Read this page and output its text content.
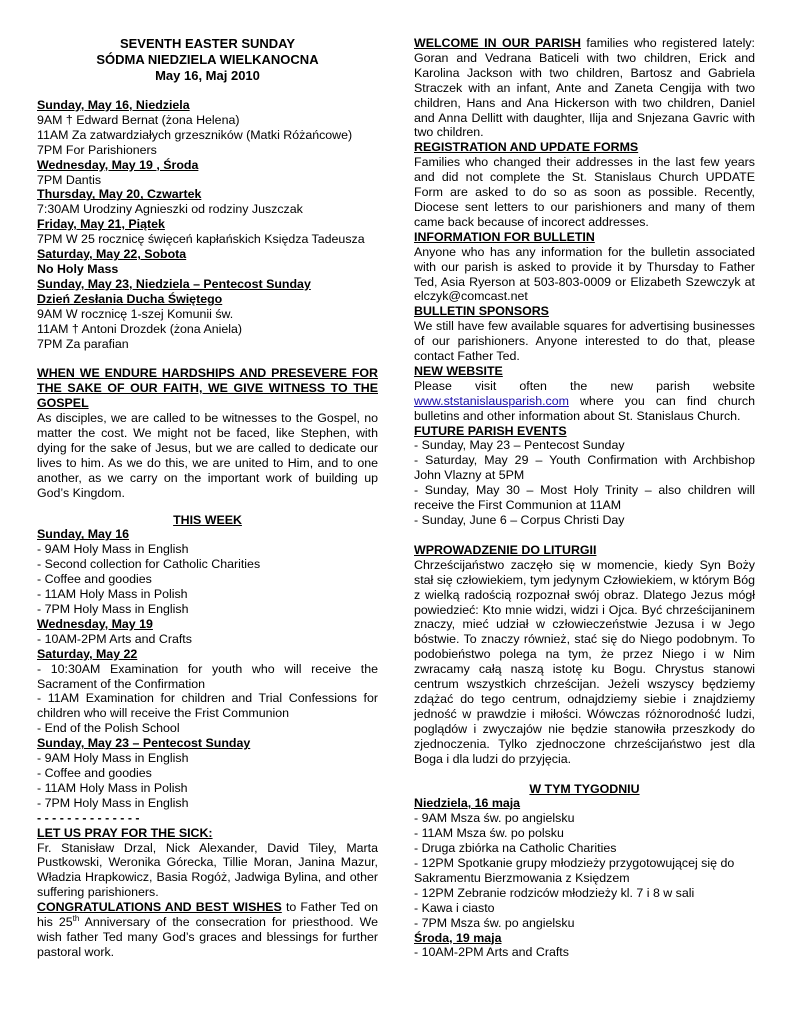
SEVENTH EASTER SUNDAY
SÓDMA NIEDZIELA WIELKANOCNA
May 16, Maj 2010
Sunday, May 16, Niedziela
9AM † Edward Bernat (żona Helena)
11AM Za zatwardziałych grzeszników (Matki Różańcowe)
7PM For Parishioners
Wednesday, May 19 , Środa
7PM Dantis
Thursday, May 20, Czwartek
7:30AM Urodziny Agnieszki od rodziny Juszczak
Friday, May 21, Piątek
7PM W 25 rocznicę święceń kapłańskich Księdza Tadeusza
Saturday, May 22, Sobota
No Holy Mass
Sunday, May 23, Niedziela – Pentecost Sunday
Dzień Zesłania Ducha Świętego
9AM W rocznicę 1-szej Komunii św.
11AM † Antoni Drozdek (żona Aniela)
7PM Za parafian
WHEN WE ENDURE HARDSHIPS AND PRESEVERE FOR THE SAKE OF OUR FAITH, WE GIVE WITNESS TO THE GOSPEL
As disciples, we are called to be witnesses to the Gospel, no matter the cost. We might not be faced, like Stephen, with dying for the sake of Jesus, but we are called to dedicate our lives to him. As we do this, we are united to Him, and to one another, as we carry on the important work of building up God’s Kingdom.
THIS WEEK
Sunday, May 16
- 9AM Holy Mass in English
- Second collection for Catholic Charities
- Coffee and goodies
- 11AM Holy Mass in Polish
- 7PM Holy Mass in English
Wednesday, May 19
- 10AM-2PM Arts and Crafts
Saturday, May 22
- 10:30AM Examination for youth who will receive the Sacrament of the Confirmation
- 11AM Examination for children and Trial Confessions for children who will receive the Frist Communion
- End of the Polish School
Sunday, May 23 – Pentecost Sunday
- 9AM Holy Mass in English
- Coffee and goodies
- 11AM Holy Mass in Polish
- 7PM Holy Mass in English
- - - - - - - - - - - - - -
LET US PRAY FOR THE SICK:
Fr. Stanisław Drzal, Nick Alexander, David Tiley, Marta Pustkowski, Weronika Górecka, Tillie Moran, Janina Mazur, Władzia Hrapkowicz, Basia Rogóż, Jadwiga Bylina, and other suffering parishioners.

CONGRATULATIONS AND BEST WISHES to Father Ted on his 25th Anniversary of the consecration for priesthood. We wish father Ted many God’s graces and blessings for further pastoral work.

WELCOME IN OUR PARISH families who registered lately: Goran and Vedrana Baticeli with two children, Erick and Karolina Jackson with two children, Bartosz and Gabriela Straczek with an infant, Ante and Zaneta Cengija with two children, Hans and Ana Hickerson with two children, Daniel and Anna Dellitt with daughter, Ilija and Snjezana Gavric with two children.

REGISTRATION AND UPDATE FORMS
Families who changed their addresses in the last few years and did not complete the St. Stanislaus Church UPDATE Form are asked to do so as soon as possible. Recently, Diocese sent letters to our parishioners and many of them came back because of incorect addresses.
INFORMATION FOR BULLETIN
Anyone who has any information for the bulletin associated with our parish is asked to provide it by Thursday to Father Ted, Asia Ryerson at 503-803-0009 or Elizabeth Szewczyk at elczyk@comcast.net
BULLETIN SPONSORS
We still have few available squares for advertising businesses of our parishioners. Anyone interested to do that, please contact Father Ted.
NEW WEBSITE

Please visit often the new parish website www.ststanislausparish.com where you can find church bulletins and other information about St. Stanislaus Church.

FUTURE PARISH EVENTS
- Sunday, May 23 – Pentecost Sunday
- Saturday, May 29 – Youth Confirmation with Archbishop John Vlazny at 5PM
- Sunday, May 30 – Most Holy Trinity – also children will receive the First Communion at 11AM
- Sunday, June 6 – Corpus Christi Day
WPROWADZENIE DO LITURGII
Chrześcijaństwo zaczęło się w momencie, kiedy Syn Boży stał się człowiekiem, tym jedynym Człowiekiem, w którym Bóg z wielką radością rozpoznał swój obraz. Dlatego Jezus mógł powiedzieć: Kto mnie widzi, widzi i Ojca. Być chrześcijaninem znaczy, mieć udział w człowieczeństwie Jezusa i w Jego bóstwie. To znaczy również, stać się do Niego podobnym. To podobieństwo polega na tym, że przez Niego i w Nim zwracamy całą naszą istotę ku Bogu. Chrystus stanowi centrum wszystkich chrześcijan. Jeżeli wszyscy będziemy zdążać do tego centrum, odnajdziemy siebie i znajdziemy jedność w prawdzie i miłości. Wówczas różnorodność ludzi, poglądów i zwyczajów nie będzie stanowiła przeszkody do zjednoczenia. Tylko zjednoczone chrześcijaństwo jest dla Boga i dla ludzi do przyjęcia.
W TYM TYGODNIU
Niedziela, 16 maja
- 9AM Msza św. po angielsku
- 11AM Msza św. po polsku
- Druga zbiórka na Catholic Charities
- 12PM Spotkanie grupy młodzieży przygotowującej się do Sakramentu Bierzmowania z Księdzem
- 12PM Zebranie rodziców młodzieży kl. 7 i 8 w sali
- Kawa i ciasto
- 7PM Msza św. po angielsku
Środa, 19 maja
- 10AM-2PM Arts and Crafts
